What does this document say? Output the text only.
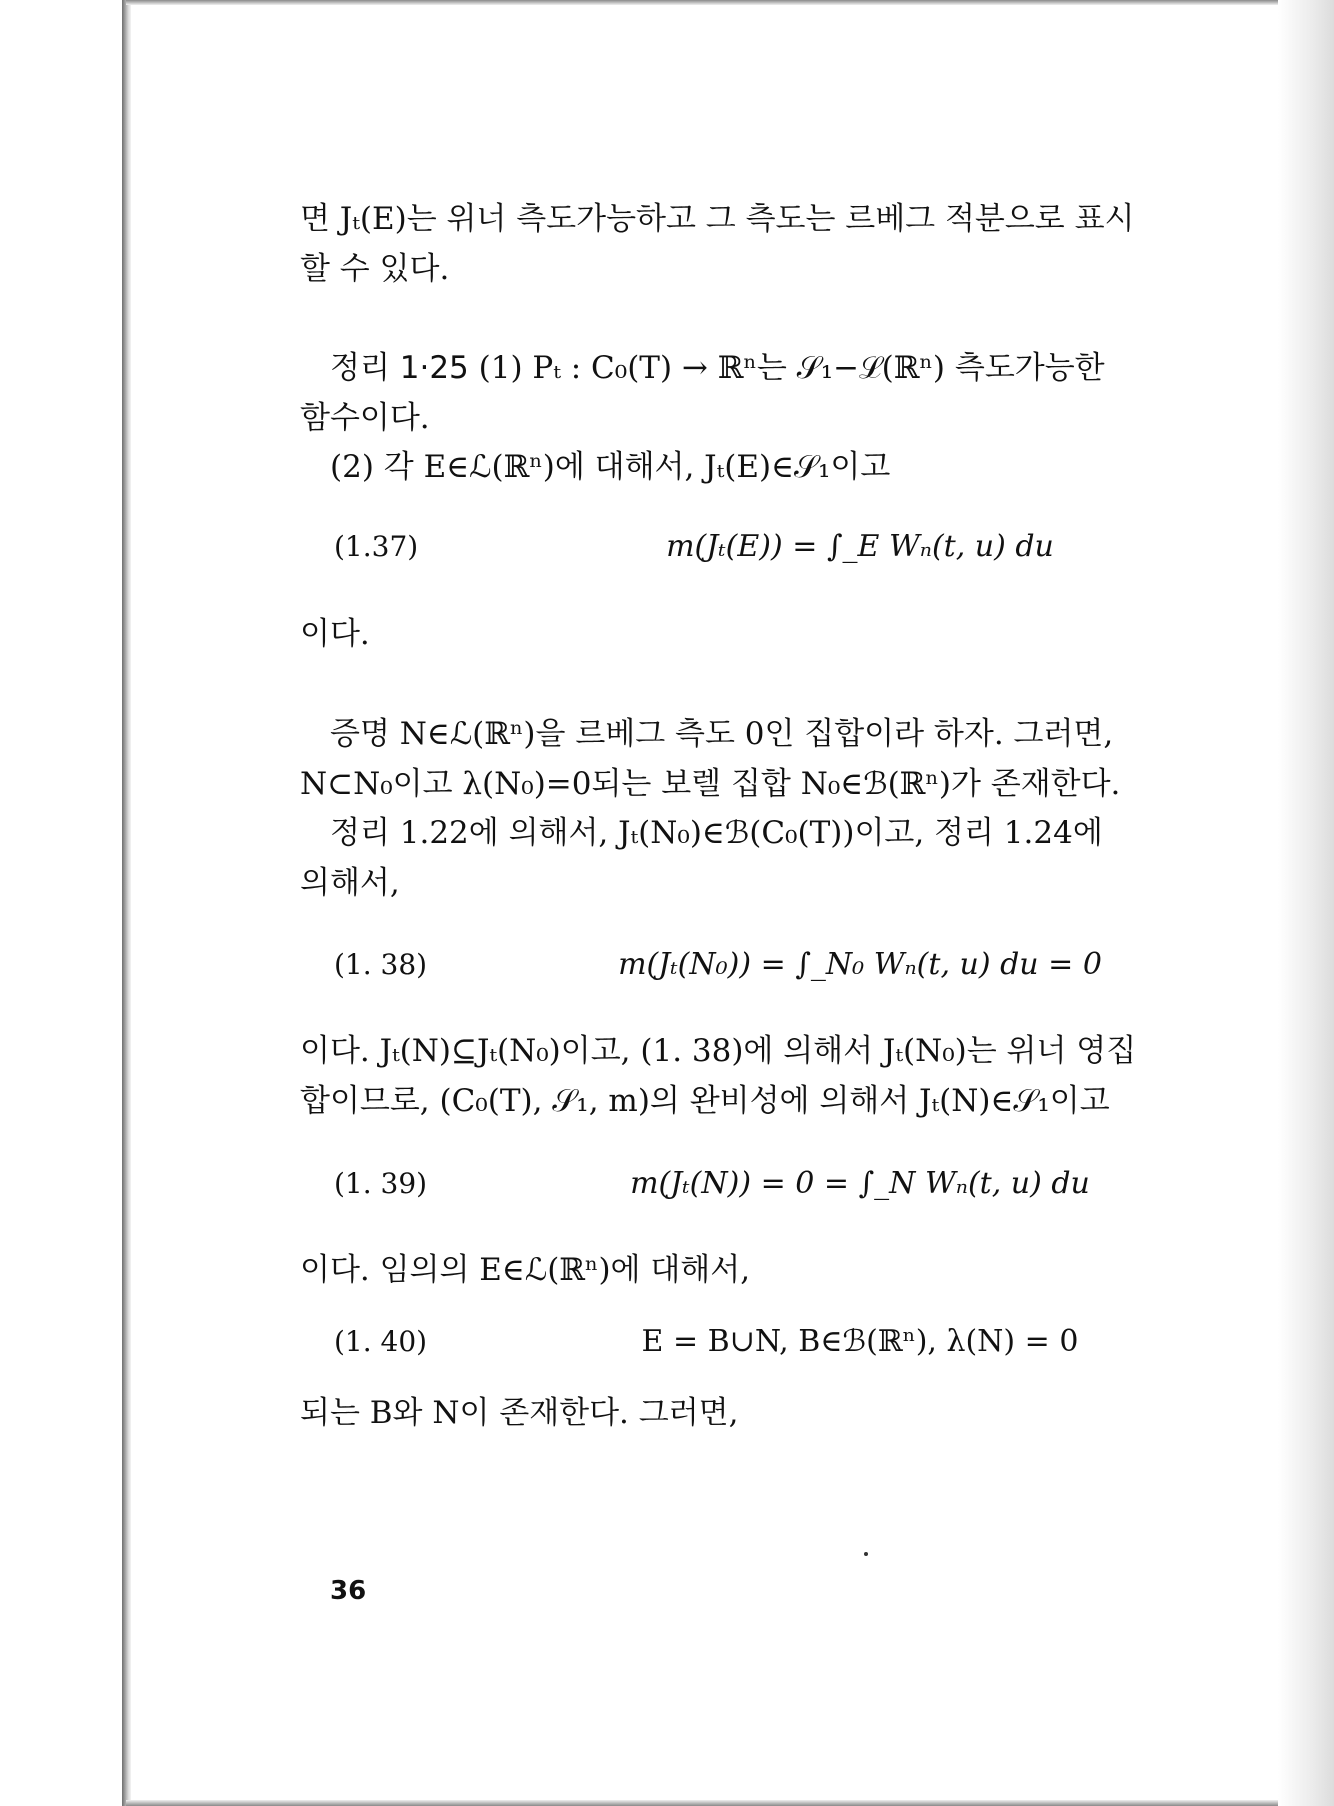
면 Jₜ(E)는 위너 측도가능하고 그 측도는 르베그 적분으로 표시
할 수 있다.
정리 1·25 (1) Pₜ : C₀(T) → ℝⁿ는 𝒮₁−ℒ(ℝⁿ) 측도가능한
함수이다.
(2) 각 E∈ℒ(ℝⁿ)에 대해서, Jₜ(E)∈𝒮₁이고
(1.37)	m(Jₜ(E)) = ∫_E Wₙ(t, u) du
이다.
증명 N∈ℒ(ℝⁿ)을 르베그 측도 0인 집합이라 하자. 그러면,
N⊂N₀이고 λ(N₀)=0되는 보렐 집합 N₀∈ℬ(ℝⁿ)가 존재한다.
정리 1.22에 의해서, Jₜ(N₀)∈ℬ(C₀(T))이고, 정리 1.24에
의해서,
(1. 38)	m(Jₜ(N₀)) = ∫_N₀ Wₙ(t, u) du = 0
이다. Jₜ(N)⊆Jₜ(N₀)이고, (1. 38)에 의해서 Jₜ(N₀)는 위너 영집
합이므로, (C₀(T), 𝒮₁, m)의 완비성에 의해서 Jₜ(N)∈𝒮₁이고
(1. 39)	m(Jₜ(N)) = 0 = ∫_N Wₙ(t, u) du
이다. 임의의 E∈ℒ(ℝⁿ)에 대해서,
(1. 40)	E = B∪N, B∈ℬ(ℝⁿ), λ(N) = 0
되는 B와 N이 존재한다. 그러면,
36
